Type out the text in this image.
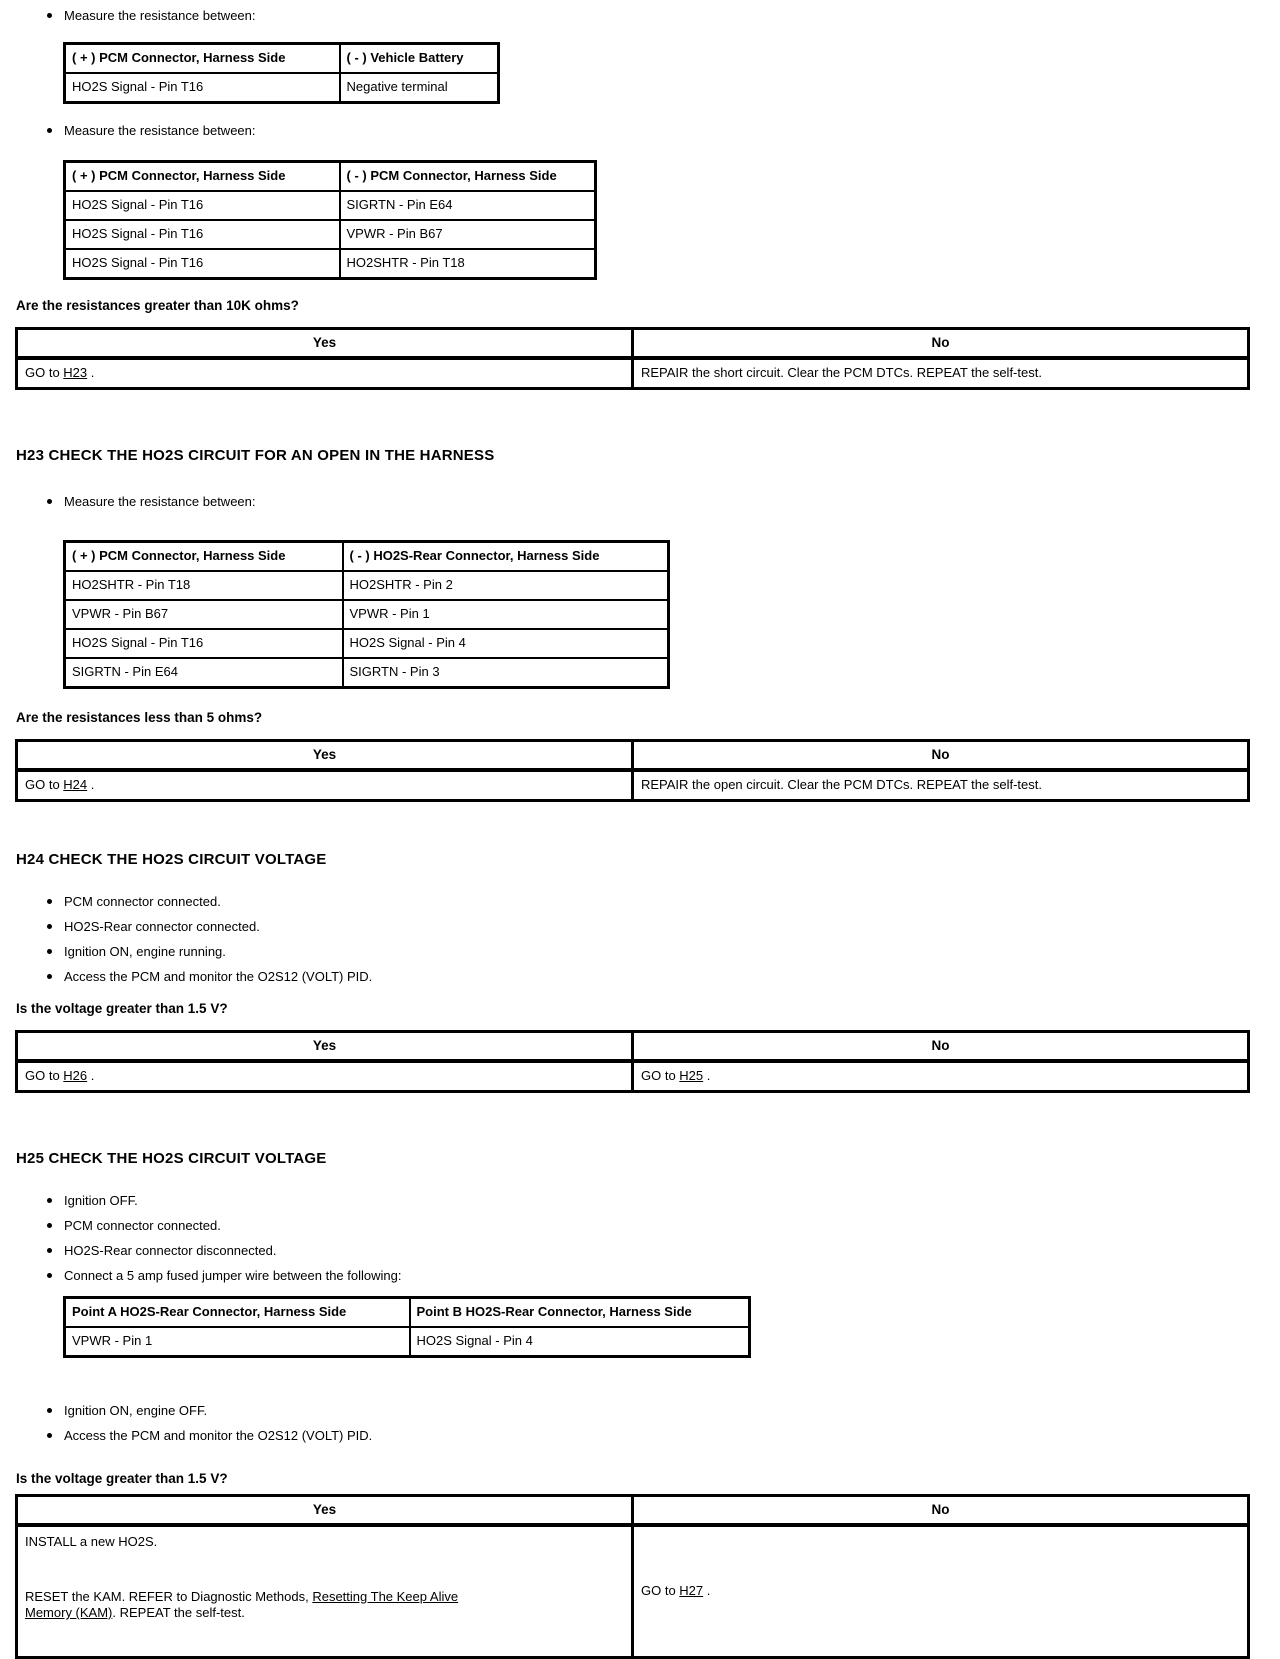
Measure the resistance between:
( + ) PCM Connector, Harness Side	( - ) Vehicle Battery
HO2S Signal - Pin T16	Negative terminal
Measure the resistance between:
( + ) PCM Connector, Harness Side	( - ) PCM Connector, Harness Side
HO2S Signal - Pin T16	SIGRTN - Pin E64
HO2S Signal - Pin T16	VPWR - Pin B67
HO2S Signal - Pin T16	HO2SHTR - Pin T18
Are the resistances greater than 10K ohms?
Yes	No
GO to H23 .	REPAIR the short circuit. Clear the PCM DTCs. REPEAT the self-test.
H23 CHECK THE HO2S CIRCUIT FOR AN OPEN IN THE HARNESS
Measure the resistance between:
( + ) PCM Connector, Harness Side	( - ) HO2S-Rear Connector, Harness Side
HO2SHTR - Pin T18	HO2SHTR - Pin 2
VPWR - Pin B67	VPWR - Pin 1
HO2S Signal - Pin T16	HO2S Signal - Pin 4
SIGRTN - Pin E64	SIGRTN - Pin 3
Are the resistances less than 5 ohms?
Yes	No
GO to H24 .	REPAIR the open circuit. Clear the PCM DTCs. REPEAT the self-test.
H24 CHECK THE HO2S CIRCUIT VOLTAGE
PCM connector connected.
HO2S-Rear connector connected.
Ignition ON, engine running.
Access the PCM and monitor the O2S12 (VOLT) PID.
Is the voltage greater than 1.5 V?
Yes	No
GO to H26 .	GO to H25 .
H25 CHECK THE HO2S CIRCUIT VOLTAGE
Ignition OFF.
PCM connector connected.
HO2S-Rear connector disconnected.
Connect a 5 amp fused jumper wire between the following:
Point A HO2S-Rear Connector, Harness Side	Point B HO2S-Rear Connector, Harness Side
VPWR - Pin 1	HO2S Signal - Pin 4
Ignition ON, engine OFF.
Access the PCM and monitor the O2S12 (VOLT) PID.
Is the voltage greater than 1.5 V?
Yes	No

INSTALL a new HO2S.
RESET the KAM. REFER to Diagnostic Methods, Resetting The Keep Alive Memory (KAM). REPEAT the self-test.	GO to H27 .
